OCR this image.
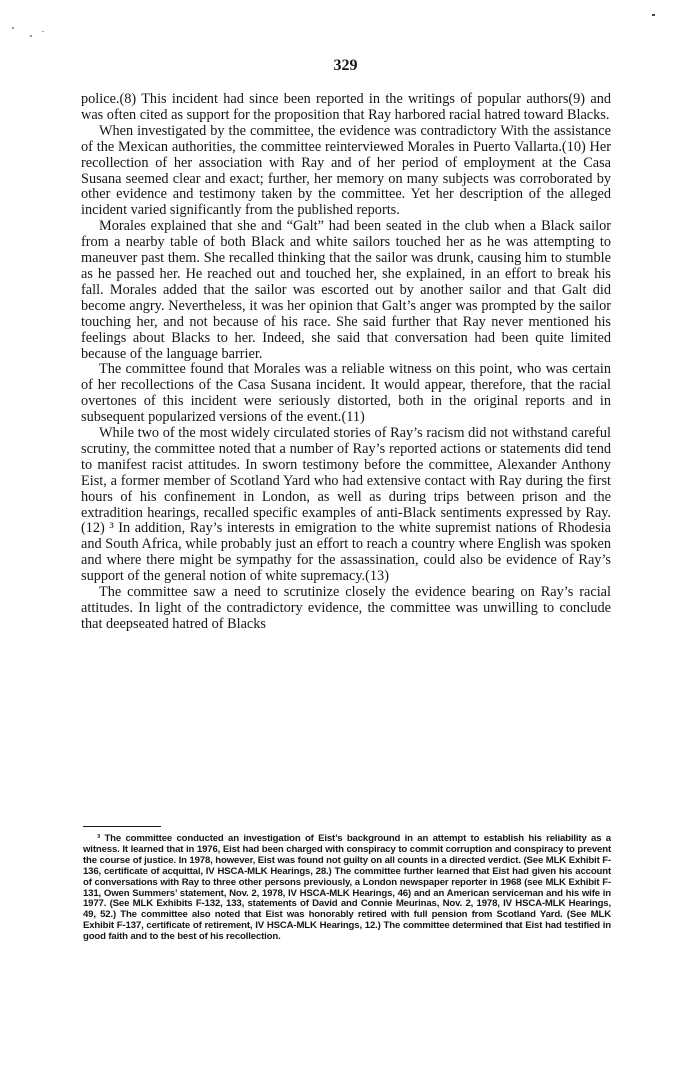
329

police.(8) This incident had since been reported in the writings of popular authors(9) and was often cited as support for the proposition that Ray harbored racial hatred toward Blacks.

When investigated by the committee, the evidence was contradictory With the assistance of the Mexican authorities, the committee reinterviewed Morales in Puerto Vallarta.(10) Her recollection of her association with Ray and of her period of employment at the Casa Susana seemed clear and exact; further, her memory on many subjects was corroborated by other evidence and testimony taken by the committee. Yet her description of the alleged incident varied significantly from the published reports.

Morales explained that she and “Galt” had been seated in the club when a Black sailor from a nearby table of both Black and white sailors touched her as he was attempting to maneuver past them. She recalled thinking that the sailor was drunk, causing him to stumble as he passed her. He reached out and touched her, she explained, in an effort to break his fall. Morales added that the sailor was escorted out by another sailor and that Galt did become angry. Nevertheless, it was her opinion that Galt’s anger was prompted by the sailor touching her, and not because of his race. She said further that Ray never mentioned his feelings about Blacks to her. Indeed, she said that conversation had been quite limited because of the language barrier.

The committee found that Morales was a reliable witness on this point, who was certain of her recollections of the Casa Susana incident. It would appear, therefore, that the racial overtones of this incident were seriously distorted, both in the original reports and in subsequent popularized versions of the event.(11)

While two of the most widely circulated stories of Ray’s racism did not withstand careful scrutiny, the committee noted that a number of Ray’s reported actions or statements did tend to manifest racist attitudes. In sworn testimony before the committee, Alexander Anthony Eist, a former member of Scotland Yard who had extensive contact with Ray during the first hours of his confinement in London, as well as during trips between prison and the extradition hearings, recalled specific examples of anti-Black sentiments expressed by Ray.(12) ³ In addition, Ray’s interests in emigration to the white supremist nations of Rhodesia and South Africa, while probably just an effort to reach a country where English was spoken and where there might be sympathy for the assassination, could also be evidence of Ray’s support of the general notion of white supremacy.(13)

The committee saw a need to scrutinize closely the evidence bearing on Ray’s racial attitudes. In light of the contradictory evidence, the committee was unwilling to conclude that deepseated hatred of Blacks

³ The committee conducted an investigation of Eist’s background in an attempt to establish his reliability as a witness. It learned that in 1976, Eist had been charged with conspiracy to commit corruption and conspiracy to prevent the course of justice. In 1978, however, Eist was found not guilty on all counts in a directed verdict. (See MLK Exhibit F-136, certificate of acquittal, IV HSCA-MLK Hearings, 28.) The committee further learned that Eist had given his account of conversations with Ray to three other persons previously, a London newspaper reporter in 1968 (see MLK Exhibit F-131, Owen Summers’ statement, Nov. 2, 1978, IV HSCA-MLK Hearings, 46) and an American serviceman and his wife in 1977. (See MLK Exhibits F-132, 133, statements of David and Connie Meurinas, Nov. 2, 1978, IV HSCA-MLK Hearings, 49, 52.) The committee also noted that Eist was honorably retired with full pension from Scotland Yard. (See MLK Exhibit F-137, certificate of retirement, IV HSCA-MLK Hearings, 12.) The committee determined that Eist had testified in good faith and to the best of his recollection.
